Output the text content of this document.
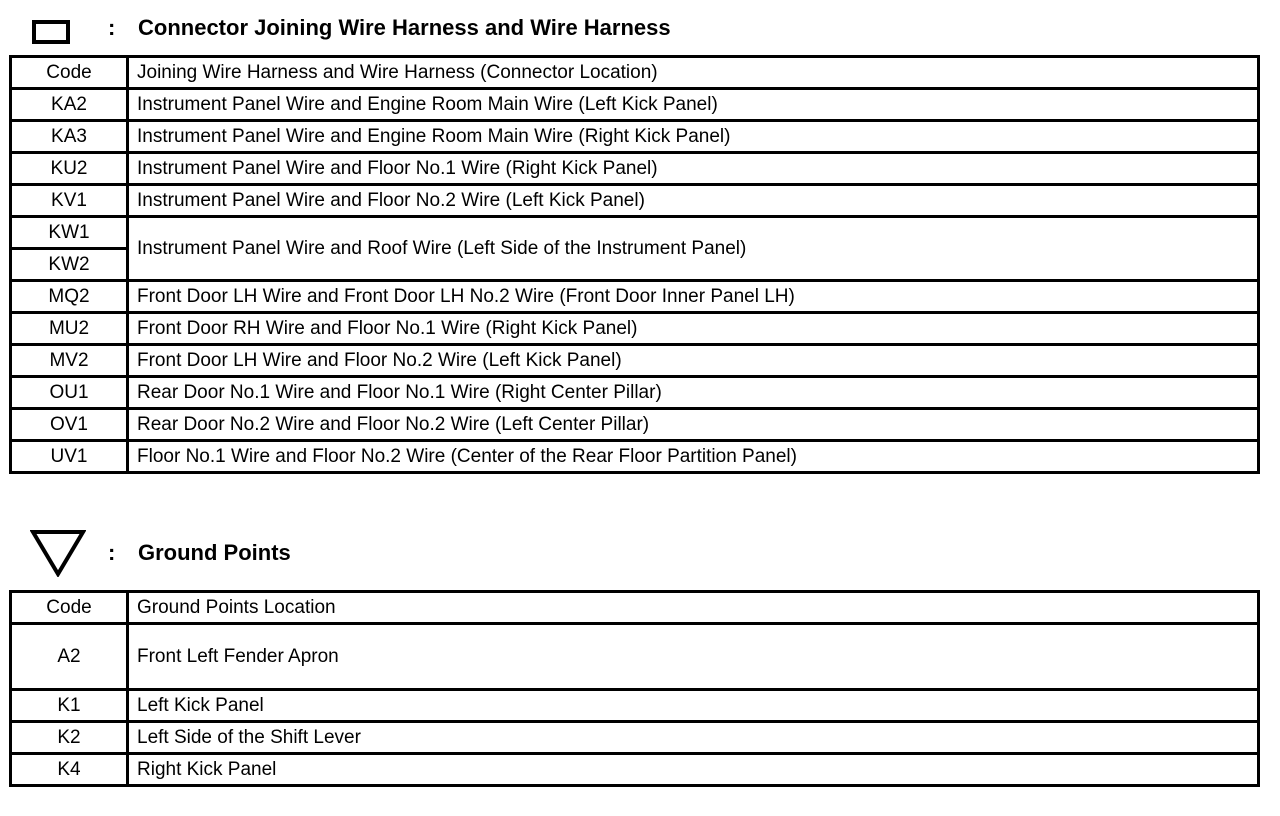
: Connector Joining Wire Harness and Wire Harness
Code	Joining Wire Harness and Wire Harness (Connector Location)
KA2	Instrument Panel Wire and Engine Room Main Wire (Left Kick Panel)
KA3	Instrument Panel Wire and Engine Room Main Wire (Right Kick Panel)
KU2	Instrument Panel Wire and Floor No.1 Wire (Right Kick Panel)
KV1	Instrument Panel Wire and Floor No.2 Wire (Left Kick Panel)
KW1	Instrument Panel Wire and Roof Wire (Left Side of the Instrument Panel)
KW2	
MQ2	Front Door LH Wire and Front Door LH No.2 Wire (Front Door Inner Panel LH)
MU2	Front Door RH Wire and Floor No.1 Wire (Right Kick Panel)
MV2	Front Door LH Wire and Floor No.2 Wire (Left Kick Panel)
OU1	Rear Door No.1 Wire and Floor No.1 Wire (Right Center Pillar)
OV1	Rear Door No.2 Wire and Floor No.2 Wire (Left Center Pillar)
UV1	Floor No.1 Wire and Floor No.2 Wire (Center of the Rear Floor Partition Panel)
: Ground Points
Code	Ground Points Location
A2	Front Left Fender Apron
K1	Left Kick Panel
K2	Left Side of the Shift Lever
K4	Right Kick Panel
